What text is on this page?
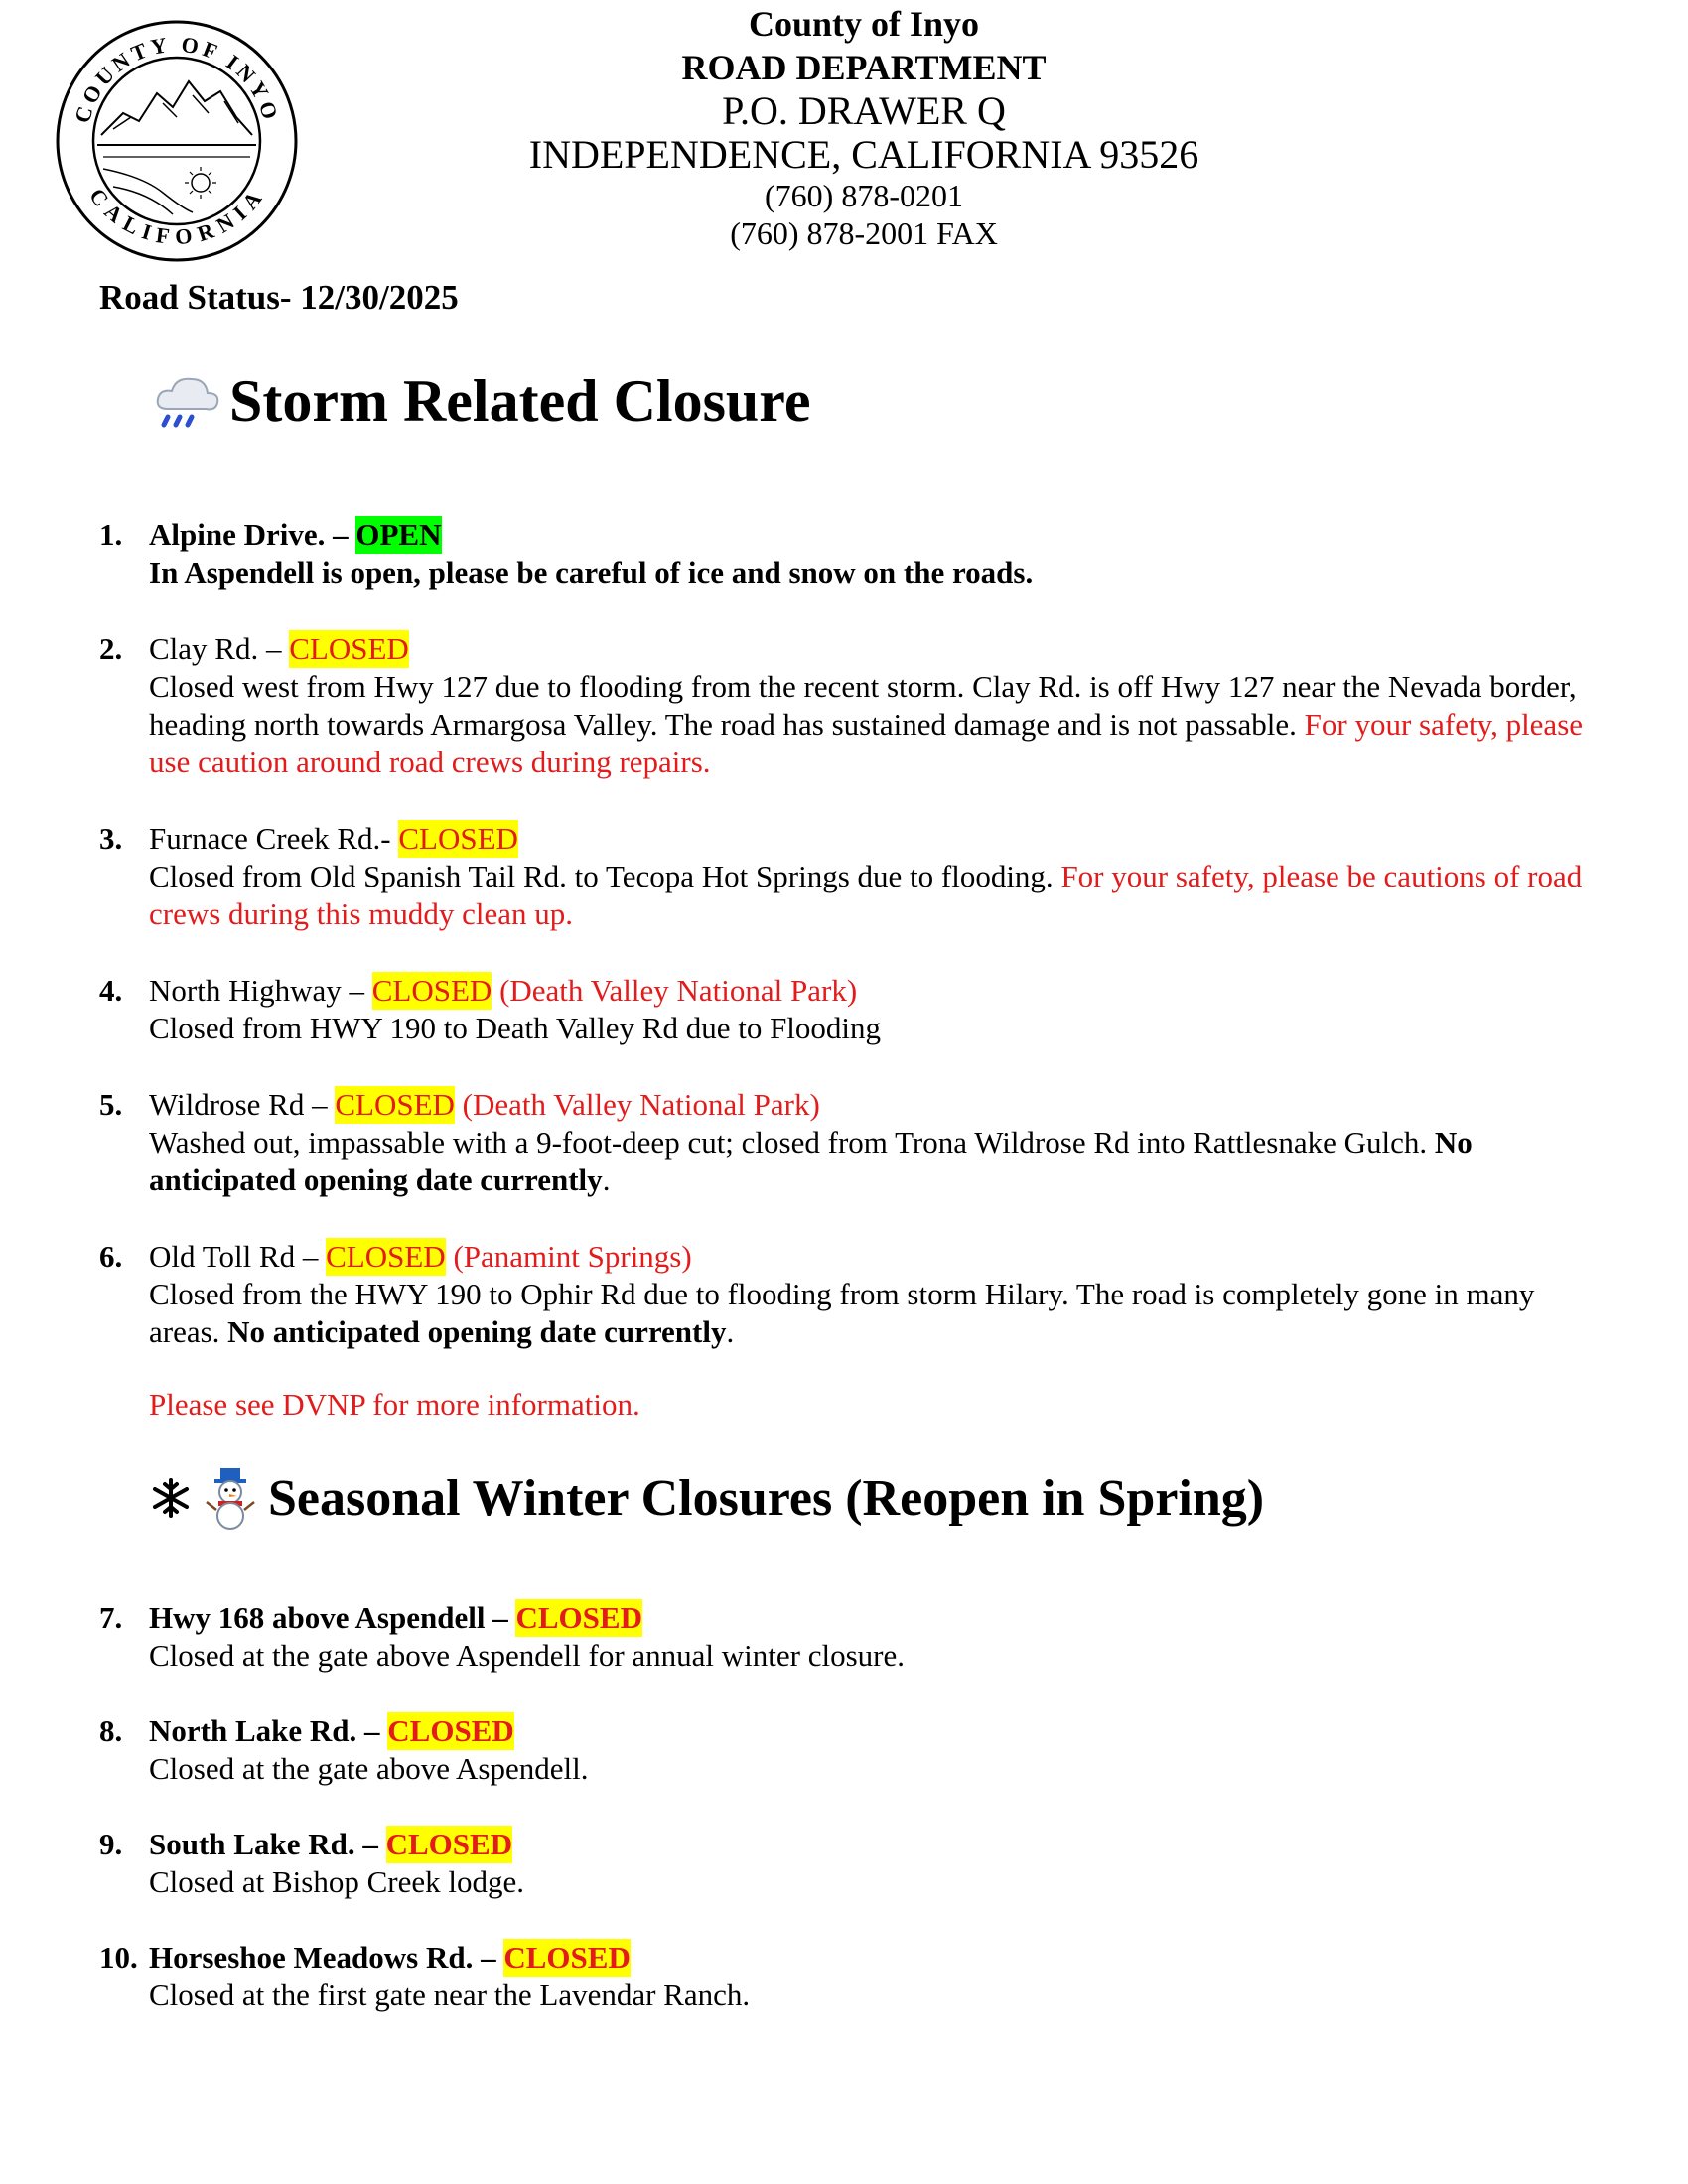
COUNTY OF INYO
CALIFORNIA
County of Inyo
ROAD DEPARTMENT
P.O. DRAWER Q
INDEPENDENCE, CALIFORNIA 93526
(760) 878-0201
(760) 878-2001 FAX
Road Status- 12/30/2025
Storm Related Closure
1. Alpine Drive. –
OPEN
In Aspendell is open, please be careful of ice and snow on the roads.
2. Clay Rd. –
CLOSED
Closed west from Hwy 127 due to flooding from the recent storm. Clay Rd. is off Hwy 127 near the Nevada border, heading north towards Armargosa Valley. The road has sustained damage and is not passable. For your safety, please use caution around road crews during repairs.
3. Furnace Creek Rd.-
CLOSED
Closed from Old Spanish Tail Rd. to Tecopa Hot Springs due to flooding. For your safety, please be cautions of road crews during this muddy clean up.
4. North Highway –
CLOSED
(Death Valley National Park)
Closed from HWY 190 to Death Valley Rd due to Flooding
5. Wildrose Rd –
CLOSED
(Death Valley National Park)
Washed out, impassable with a 9-foot-deep cut; closed from Trona Wildrose Rd into Rattlesnake Gulch. No anticipated opening date currently.
6. Old Toll Rd –
CLOSED
(Panamint Springs)
Closed from the HWY 190 to Ophir Rd due to flooding from storm Hilary. The road is completely gone in many areas. No anticipated opening date currently.
Please see DVNP for more information.
Seasonal Winter Closures (Reopen in Spring)
7. Hwy 168 above Aspendell –
CLOSED
Closed at the gate above Aspendell for annual winter closure.
8. North Lake Rd. –
CLOSED
Closed at the gate above Aspendell.
9. South Lake Rd. –
CLOSED
Closed at Bishop Creek lodge.
10. Horseshoe Meadows Rd. –
CLOSED
Closed at the first gate near the Lavendar Ranch.
